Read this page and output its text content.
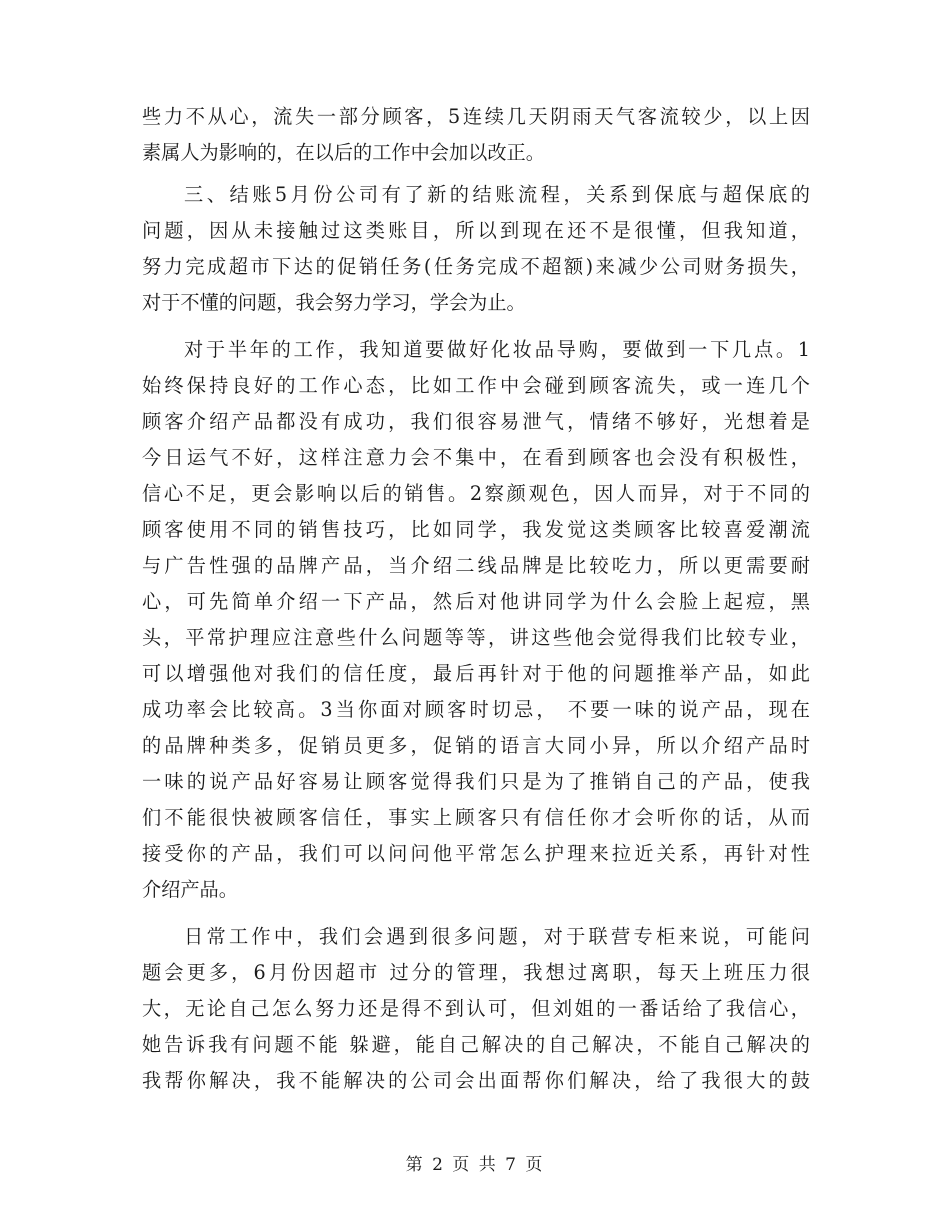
些力不从心，流失一部分顾客，5连续几天阴雨天气客流较少，以上因
素属人为影响的，在以后的工作中会加以改正。
三、结账5月份公司有了新的结账流程，关系到保底与超保底的
问题，因从未接触过这类账目，所以到现在还不是很懂，但我知道，
努力完成超市下达的促销任务(任务完成不超额)来减少公司财务损失，
对于不懂的问题，我会努力学习，学会为止。
对于半年的工作，我知道要做好化妆品导购，要做到一下几点。1
始终保持良好的工作心态，比如工作中会碰到顾客流失，或一连几个
顾客介绍产品都没有成功，我们很容易泄气，情绪不够好，光想着是
今日运气不好，这样注意力会不集中，在看到顾客也会没有积极性，
信心不足，更会影响以后的销售。2察颜观色，因人而异，对于不同的
顾客使用不同的销售技巧，比如同学，我发觉这类顾客比较喜爱潮流
与广告性强的品牌产品，当介绍二线品牌是比较吃力，所以更需要耐
心，可先简单介绍一下产品，然后对他讲同学为什么会脸上起痘，黑
头，平常护理应注意些什么问题等等，讲这些他会觉得我们比较专业，
可以增强他对我们的信任度，最后再针对于他的问题推举产品，如此
成功率会比较高。3当你面对顾客时切忌， 不要一味的说产品，现在
的品牌种类多，促销员更多，促销的语言大同小异，所以介绍产品时
一味的说产品好容易让顾客觉得我们只是为了推销自己的产品，使我
们不能很快被顾客信任，事实上顾客只有信任你才会听你的话，从而
接受你的产品，我们可以问问他平常怎么护理来拉近关系，再针对性
介绍产品。
日常工作中，我们会遇到很多问题，对于联营专柜来说，可能问
题会更多，6月份因超市 过分的管理，我想过离职，每天上班压力很
大，无论自己怎么努力还是得不到认可，但刘姐的一番话给了我信心，
她告诉我有问题不能 躲避，能自己解决的自己解决，不能自己解决的
我帮你解决，我不能解决的公司会出面帮你们解决，给了我很大的鼓
第 2 页 共 7 页
